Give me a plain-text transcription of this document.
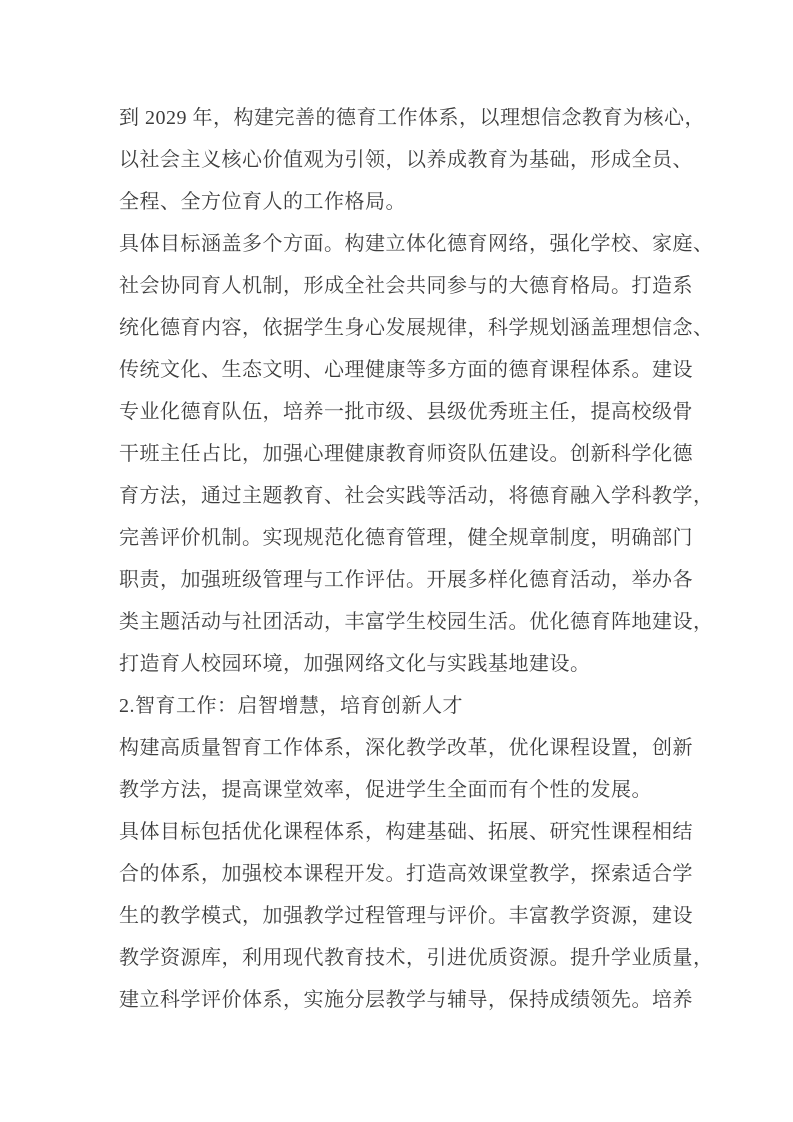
到 2029 年，构建完善的德育工作体系，以理想信念教育为核心，
以社会主义核心价值观为引领，以养成教育为基础，形成全员、
全程、全方位育人的工作格局。
具体目标涵盖多个方面。构建立体化德育网络，强化学校、家庭、
社会协同育人机制，形成全社会共同参与的大德育格局。打造系
统化德育内容，依据学生身心发展规律，科学规划涵盖理想信念、
传统文化、生态文明、心理健康等多方面的德育课程体系。建设
专业化德育队伍，培养一批市级、县级优秀班主任，提高校级骨
干班主任占比，加强心理健康教育师资队伍建设。创新科学化德
育方法，通过主题教育、社会实践等活动，将德育融入学科教学，
完善评价机制。实现规范化德育管理，健全规章制度，明确部门
职责，加强班级管理与工作评估。开展多样化德育活动，举办各
类主题活动与社团活动，丰富学生校园生活。优化德育阵地建设，
打造育人校园环境，加强网络文化与实践基地建设。
2.智育工作：启智增慧，培育创新人才
构建高质量智育工作体系，深化教学改革，优化课程设置，创新
教学方法，提高课堂效率，促进学生全面而有个性的发展。
具体目标包括优化课程体系，构建基础、拓展、研究性课程相结
合的体系，加强校本课程开发。打造高效课堂教学，探索适合学
生的教学模式，加强教学过程管理与评价。丰富教学资源，建设
教学资源库，利用现代教育技术，引进优质资源。提升学业质量，
建立科学评价体系，实施分层教学与辅导，保持成绩领先。培养
